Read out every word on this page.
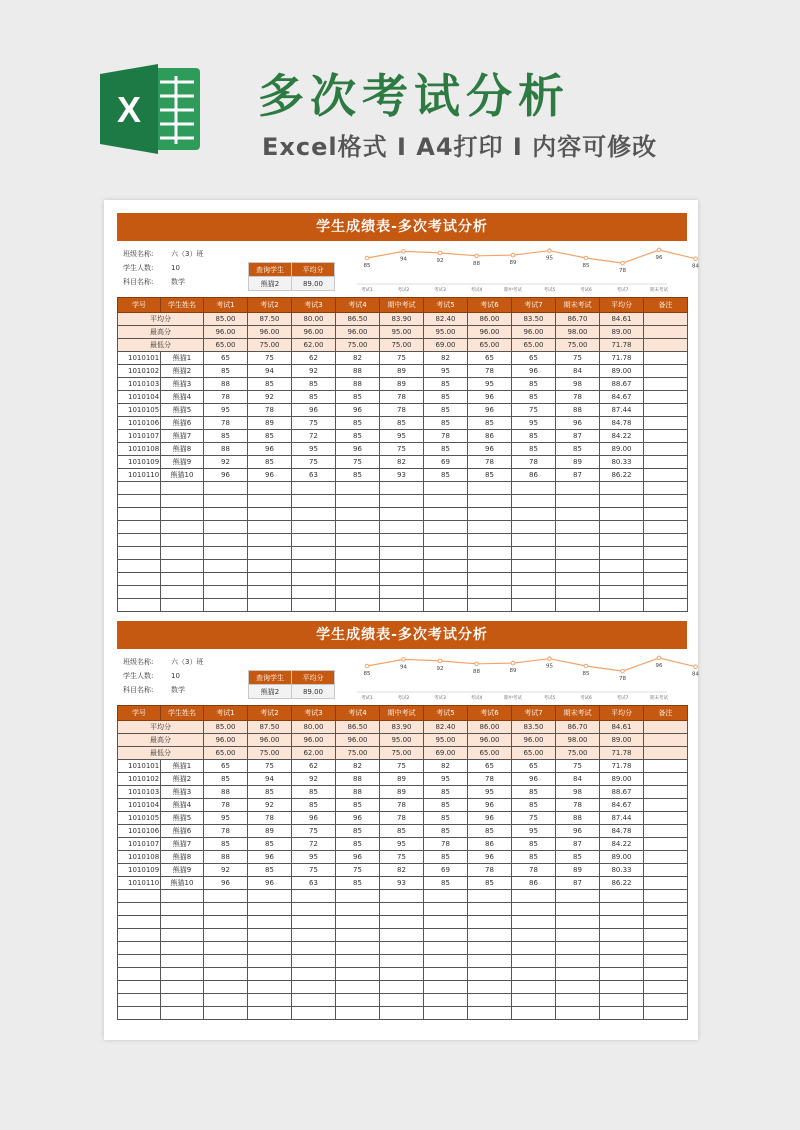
X	多次考试分析
Excel格式 I A4打印 I 内容可修改
学生成绩表-多次考试分析
班级名称:	六（3）班
学生人数:	10
科目名称:	数学
查询学生	平均分
熊猫2	89.00
85
94	92	88	89
95
85
78
96
84
考试1	考试2	考试3	考试4	期中考试	考试5	考试6	考试7	期末考试
学号	学生姓名	考试1	考试2	考试3	考试4	期中考试	考试5	考试6	考试7	期末考试	平均分	备注
平均分		85.00	87.50	80.00	86.50	83.90	82.40	86.00	83.50	86.70	84.61	
最高分		96.00	96.00	96.00	96.00	95.00	95.00	96.00	96.00	98.00	89.00	
最低分		65.00	75.00	62.00	75.00	75.00	69.00	65.00	65.00	75.00	71.78	
1010101	熊猫1	65	75	62	82	75	82	65	65	75	71.78	
1010102	熊猫2	85	94	92	88	89	95	78	96	84	89.00	
1010103	熊猫3	88	85	85	88	89	85	95	85	98	88.67	
1010104	熊猫4	78	92	85	85	78	85	96	85	78	84.67	
1010105	熊猫5	95	78	96	96	78	85	96	75	88	87.44	
1010106	熊猫6	78	89	75	85	85	85	85	95	96	84.78	
1010107	熊猫7	85	85	72	85	95	78	86	85	87	84.22	
1010108	熊猫8	88	96	95	96	75	85	96	85	85	89.00	
1010109	熊猫9	92	85	75	75	82	69	78	78	89	80.33	
1010110	熊猫10	96	96	63	85	93	85	85	86	87	86.22	

学生成绩表-多次考试分析
班级名称:	六（3）班
学生人数:	10
科目名称:	数学
查询学生	平均分
熊猫2	89.00
85
94	92	88	89
95
85
78
96
84
考试1	考试2	考试3	考试4	期中考试	考试5	考试6	考试7	期末考试
学号	学生姓名	考试1	考试2	考试3	考试4	期中考试	考试5	考试6	考试7	期末考试	平均分	备注
平均分		85.00	87.50	80.00	86.50	83.90	82.40	86.00	83.50	86.70	84.61	
最高分		96.00	96.00	96.00	96.00	95.00	95.00	96.00	96.00	98.00	89.00	
最低分		65.00	75.00	62.00	75.00	75.00	69.00	65.00	65.00	75.00	71.78	
1010101	熊猫1	65	75	62	82	75	82	65	65	75	71.78	
1010102	熊猫2	85	94	92	88	89	95	78	96	84	89.00	
1010103	熊猫3	88	85	85	88	89	85	95	85	98	88.67	
1010104	熊猫4	78	92	85	85	78	85	96	85	78	84.67	
1010105	熊猫5	95	78	96	96	78	85	96	75	88	87.44	
1010106	熊猫6	78	89	75	85	85	85	85	95	96	84.78	
1010107	熊猫7	85	85	72	85	95	78	86	85	87	84.22	
1010108	熊猫8	88	96	95	96	75	85	96	85	85	89.00	
1010109	熊猫9	92	85	75	75	82	69	78	78	89	80.33	
1010110	熊猫10	96	96	63	85	93	85	85	86	87	86.22	
